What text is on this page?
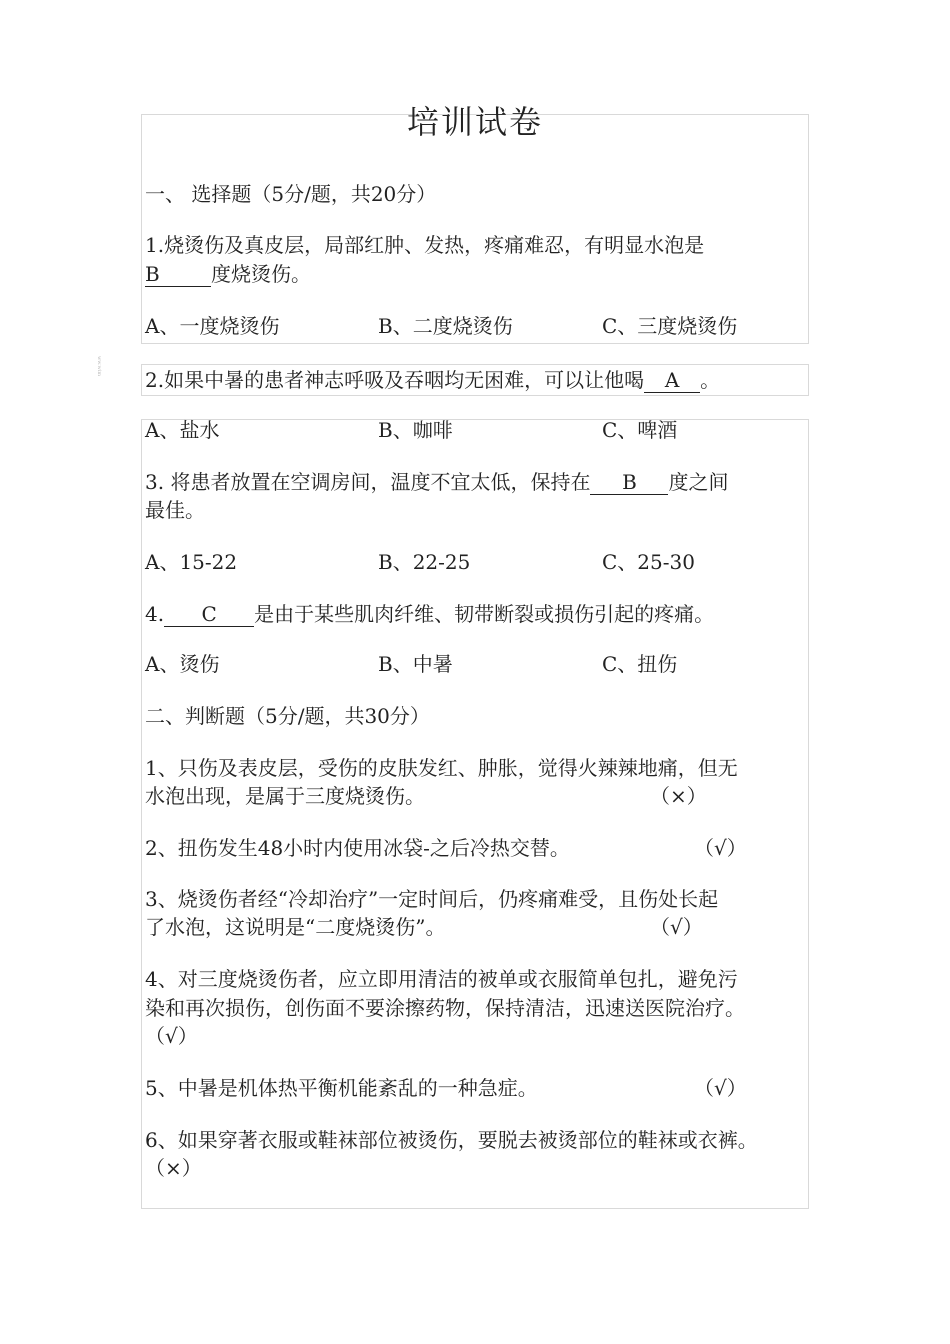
ww.wim
培训试卷
一、 选择题（5分/题，共20分）
1.烧烫伤及真皮层，局部红肿、发热，疼痛难忍，有明显水泡是
B	度烧烫伤。
A、一度烧烫伤	B、二度烧烫伤	C、三度烧烫伤
2.如果中暑的患者神志呼吸及吞咽均无困难，可以让他喝 A 。
A、盐水	B、咖啡	C、啤酒
3. 将患者放置在空调房间，温度不宜太低，保持在 B 度之间
最佳。
A、15-22	B、22-25	C、25-30
4. C 是由于某些肌肉纤维、韧带断裂或损伤引起的疼痛。
A、烫伤	B、中暑	C、扭伤
二、判断题（5分/题，共30分）
1、只伤及表皮层，受伤的皮肤发红、肿胀，觉得火辣辣地痛，但无
水泡出现，是属于三度烧烫伤。	（×）
2、扭伤发生48小时内使用冰袋-之后冷热交替。	（√）
3、烧烫伤者经“冷却治疗”一定时间后，仍疼痛难受，且伤处长起
了水泡，这说明是“二度烧烫伤”。	（√）
4、对三度烧烫伤者，应立即用清洁的被单或衣服简单包扎，避免污
染和再次损伤，创伤面不要涂擦药物，保持清洁，迅速送医院治疗。
（√）
5、中暑是机体热平衡机能紊乱的一种急症。	（√）
6、如果穿著衣服或鞋袜部位被烫伤，要脱去被烫部位的鞋袜或衣裤。
（×）
